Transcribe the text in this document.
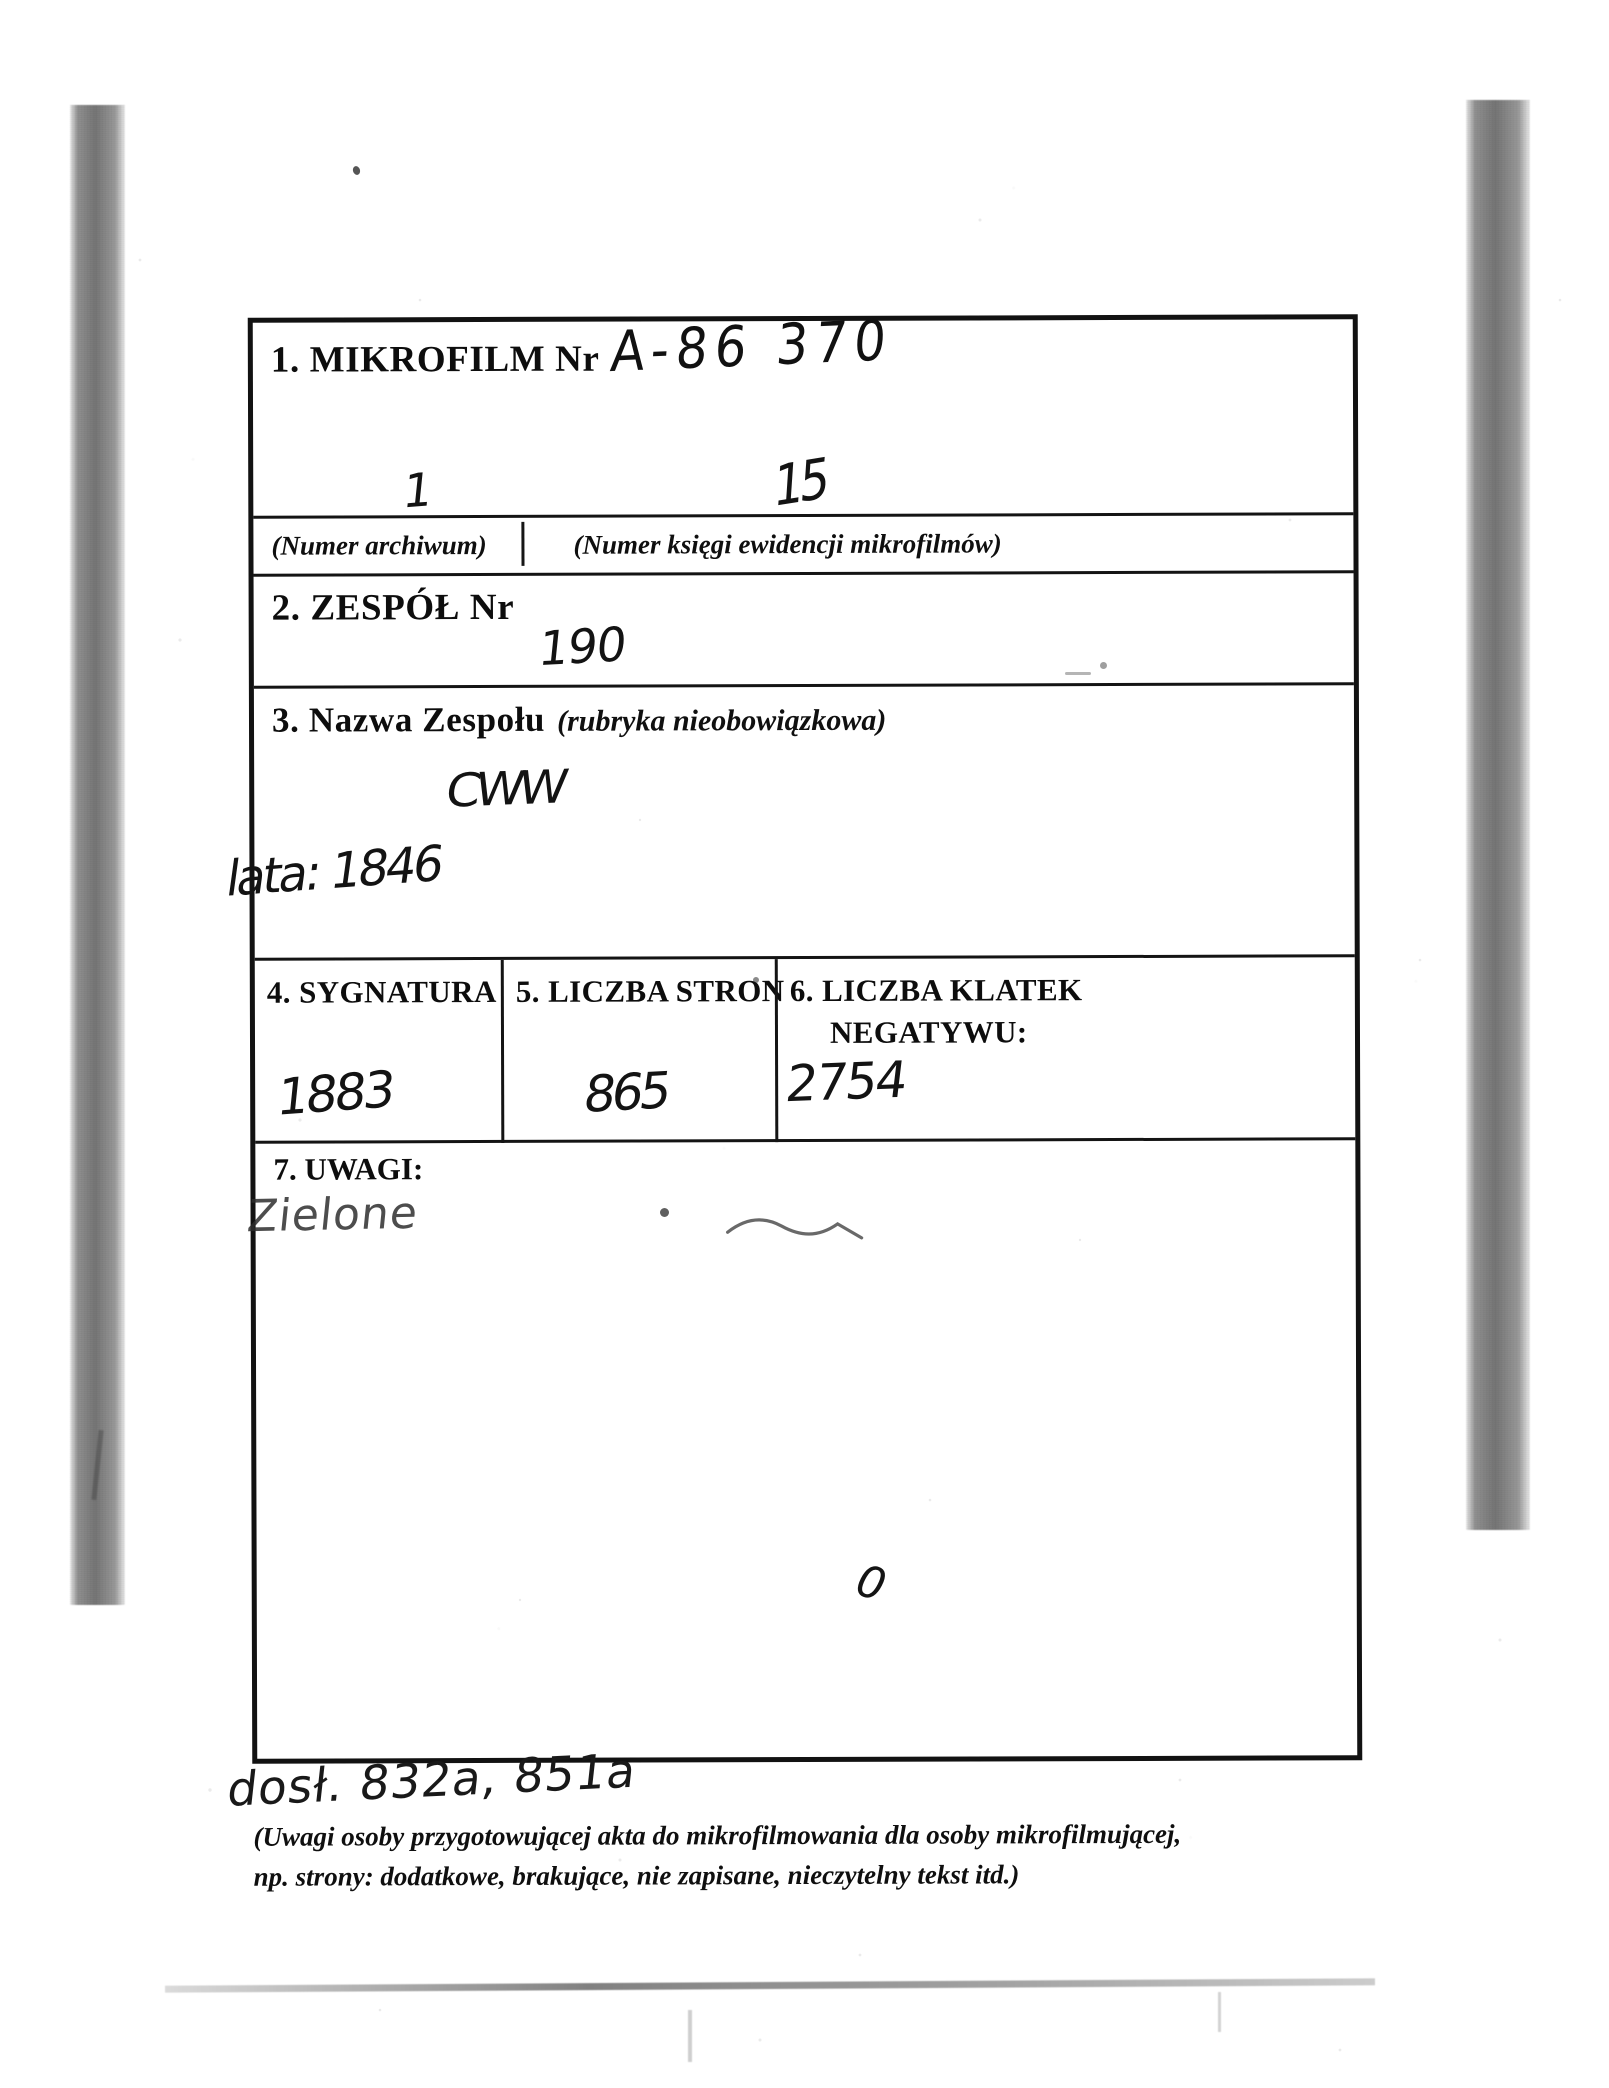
1. MIKROFILM Nr A-86 370
1	15
(Numer archiwum)	(Numer księgi ewidencji mikrofilmów)
2. ZESPÓŁ Nr
190
3. Nazwa Zespołu (rubryka nieobowiązkowa)
CWW
lata: 1846
4. SYGNATURA
1883
5. LICZBA STRON
865
6. LICZBA KLATEK
NEGATYWU:
2754
7. UWAGI:
Zielone
0
dosł. 832a, 851a
(Uwagi osoby przygotowującej akta do mikrofilmowania dla osoby mikrofilmującej,
np. strony: dodatkowe, brakujące, nie zapisane, nieczytelny tekst itd.)
